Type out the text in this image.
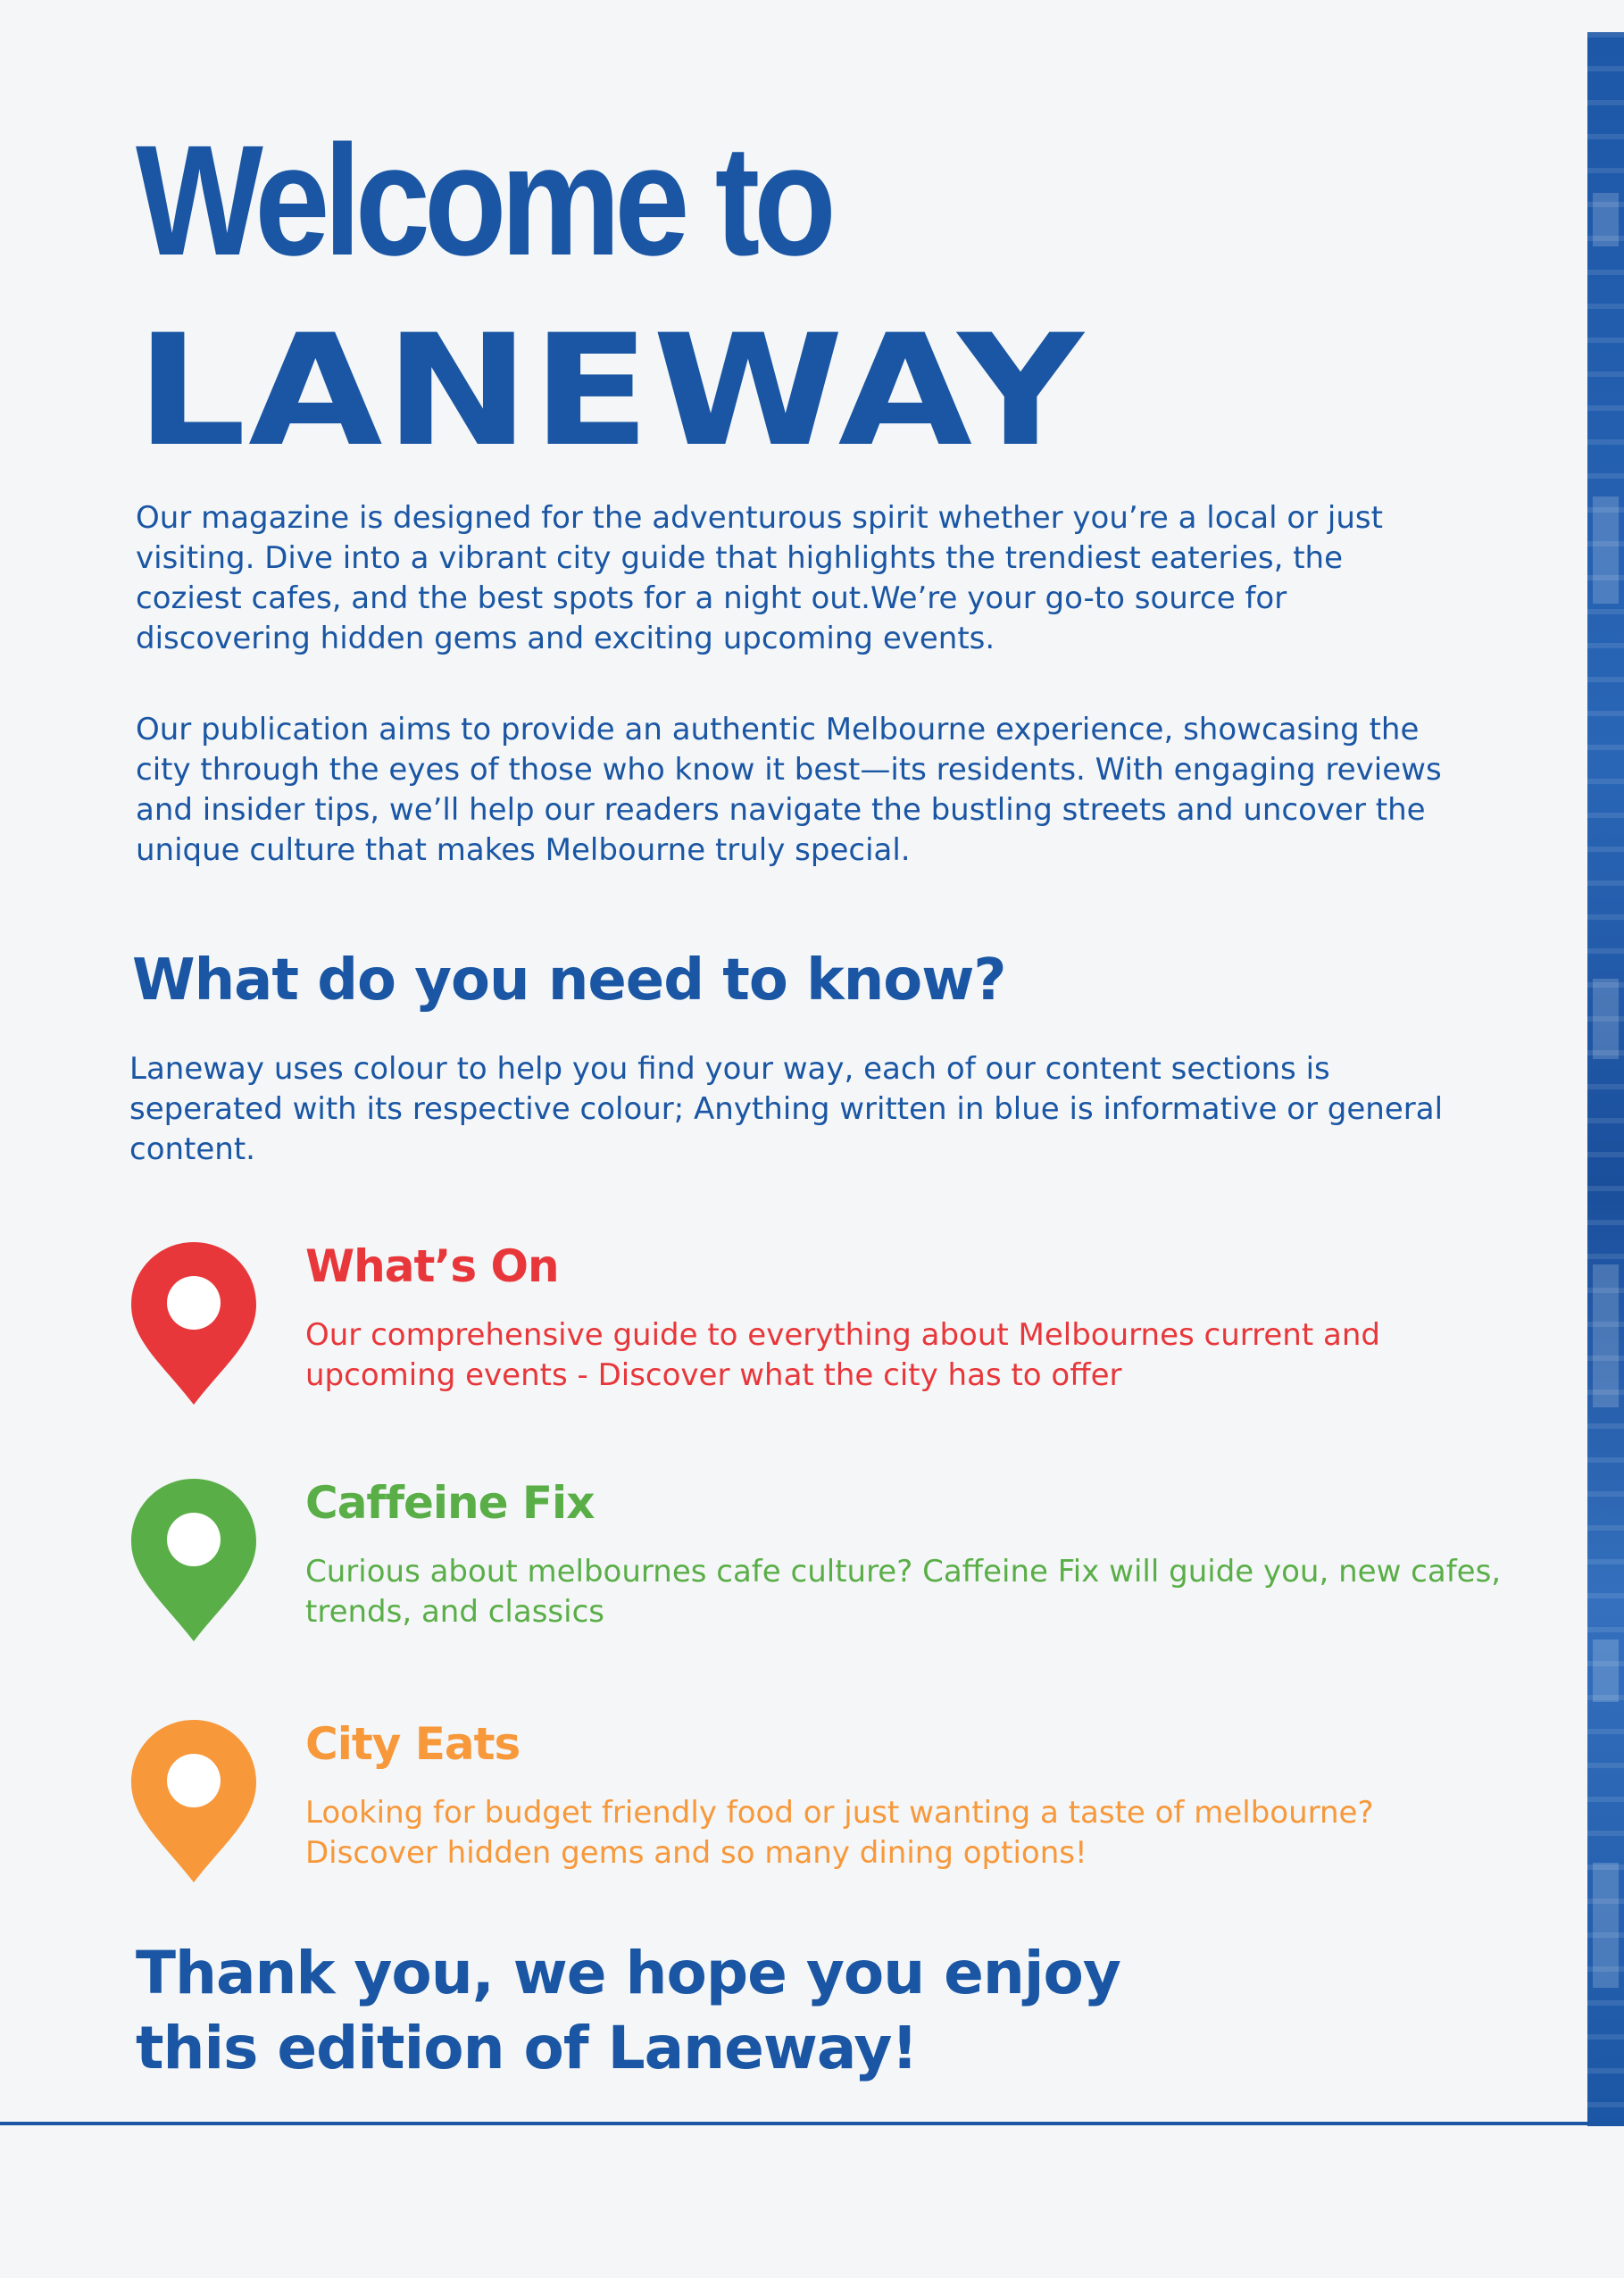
Welcome to
LANEWAY

Our magazine is designed for the adventurous spirit whether you’re a local or just visiting. Dive into a vibrant city guide that highlights the trendiest eateries, the coziest cafes, and the best spots for a night out.We’re your go-to source for discovering hidden gems and exciting upcoming events.

Our publication aims to provide an authentic Melbourne experience, showcasing the city through the eyes of those who know it best—its residents. With engaging reviews and insider tips, we’ll help our readers navigate the bustling streets and uncover the unique culture that makes Melbourne truly special.

What do you need to know?

Laneway uses colour to help you find your way, each of our content sections is seperated with its respective colour; Anything written in blue is informative or general content.

What’s On
Our comprehensive guide to everything about Melbournes current and upcoming events - Discover what the city has to offer
Caffeine Fix
Curious about melbournes cafe culture? Caffeine Fix will guide you, new cafes, trends, and classics
City Eats
Looking for budget friendly food or just wanting a taste of melbourne? Discover hidden gems and so many dining options!
Thank you, we hope you enjoy
this edition of Laneway!
